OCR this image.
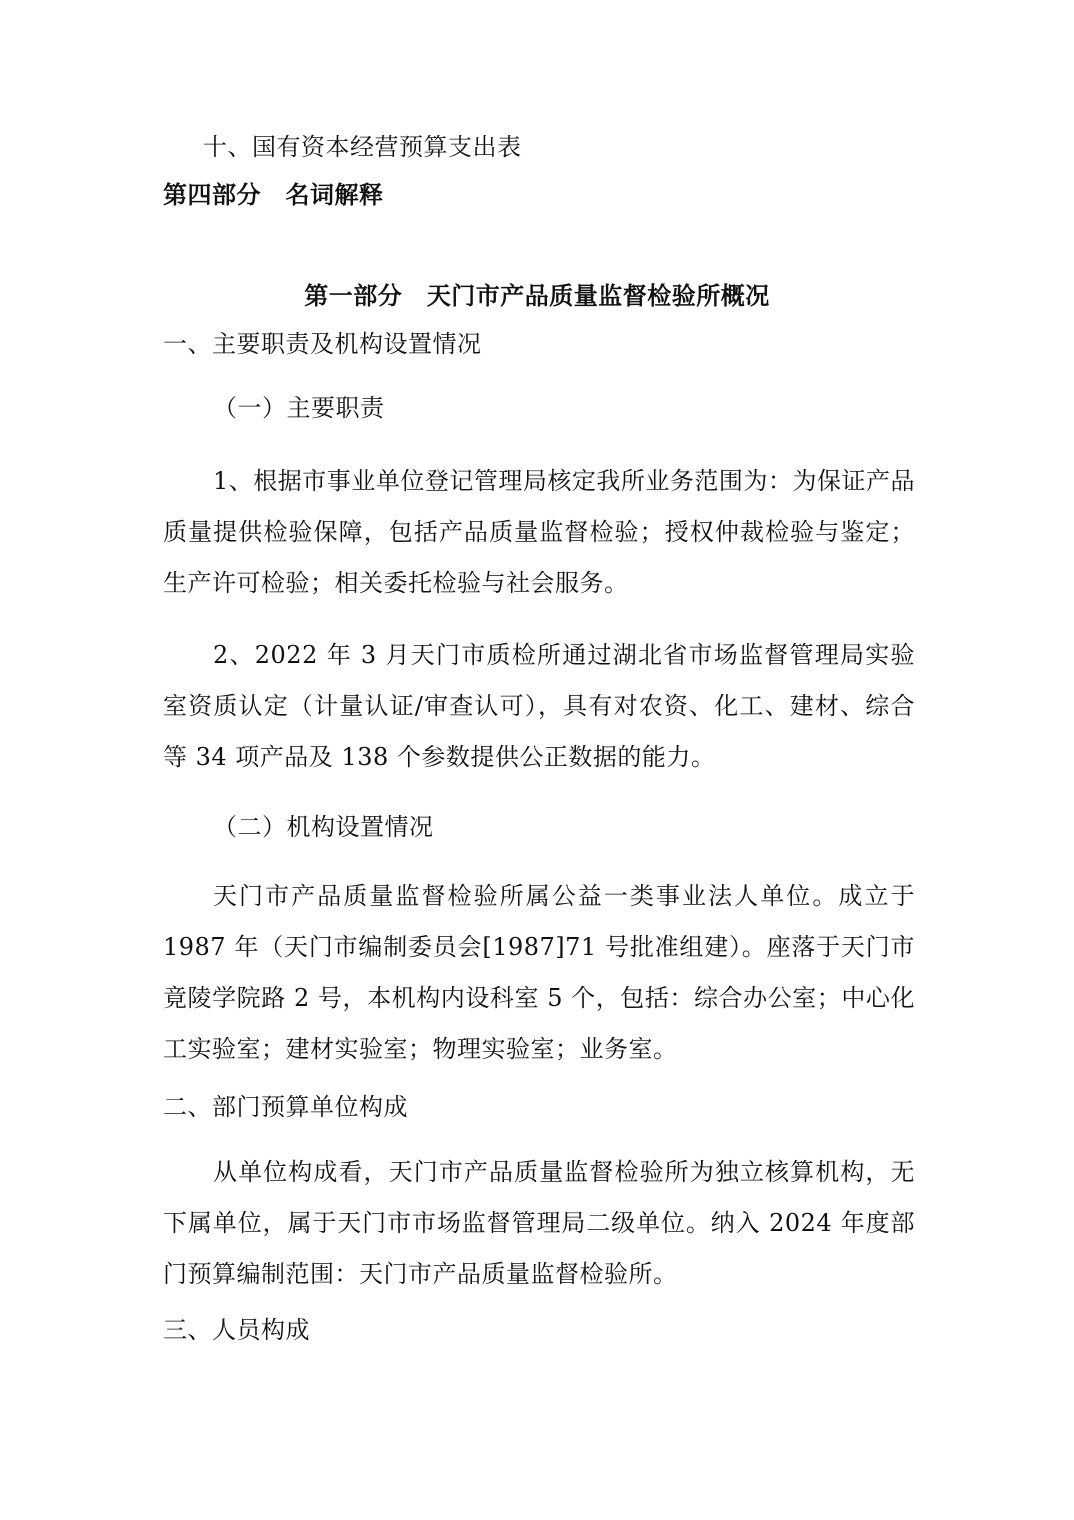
十、国有资本经营预算支出表
第四部分　名词解释
第一部分　天门市产品质量监督检验所概况
一、主要职责及机构设置情况
（一）主要职责
1、根据市事业单位登记管理局核定我所业务范围为：为保证产品质量提供检验保障，包括产品质量监督检验；授权仲裁检验与鉴定；生产许可检验；相关委托检验与社会服务。
2、2022 年 3 月天门市质检所通过湖北省市场监督管理局实验室资质认定（计量认证/审查认可），具有对农资、化工、建材、综合等 34 项产品及 138 个参数提供公正数据的能力。
（二）机构设置情况
天门市产品质量监督检验所属公益一类事业法人单位。成立于 1987 年（天门市编制委员会[1987]71 号批准组建）。座落于天门市竟陵学院路 2 号，本机构内设科室 5 个，包括：综合办公室；中心化工实验室；建材实验室；物理实验室；业务室。
二、部门预算单位构成
从单位构成看，天门市产品质量监督检验所为独立核算机构，无下属单位，属于天门市市场监督管理局二级单位。纳入 2024 年度部门预算编制范围：天门市产品质量监督检验所。
三、人员构成
